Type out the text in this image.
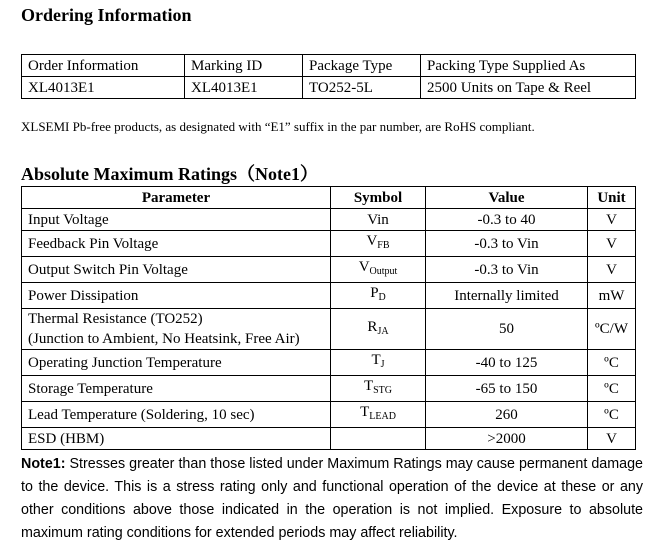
Ordering Information
Order Information	Marking ID	Package Type	Packing Type Supplied As
XL4013E1	XL4013E1	TO252-5L	2500 Units on Tape & Reel

XLSEMI Pb-free products, as designated with “E1” suffix in the par number, are RoHS compliant.

Absolute Maximum Ratings（Note1）
Parameter	Symbol	Value	Unit
Input Voltage	Vin	-0.3 to 40	V
Feedback Pin Voltage	$V_{FB}$	-0.3 to Vin	V
Output Switch Pin Voltage	$V_{Output}$	-0.3 to Vin	V
Power Dissipation	$P_D$	Internally limited	mW

Thermal Resistance (TO252)
(Junction to Ambient, No Heatsink, Free Air)	$R_{JA}$	50	ºC/W
Operating Junction Temperature	$T_J$	-40 to 125	ºC
Storage Temperature	$T_{STG}$	-65 to 150	ºC
Lead Temperature (Soldering, 10 sec)	$T_{LEAD}$	260	ºC
ESD (HBM)		>2000	V

Note1: Stresses greater than those listed under Maximum Ratings may cause permanent damage to the device. This is a stress rating only and functional operation of the device at these or any other conditions above those indicated in the operation is not implied. Exposure to absolute maximum rating conditions for extended periods may affect reliability.
